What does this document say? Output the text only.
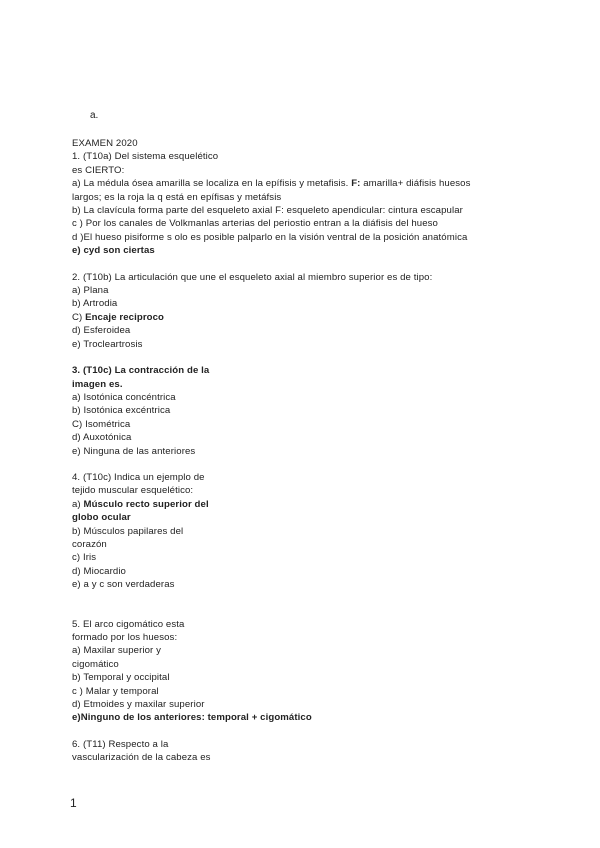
a.

EXAMEN 2020

1. (T10a) Del sistema esquelético

es CIERTO:

a) La médula ósea amarilla se localiza en la epífisis y metafisis. F: amarilla+ diáfisis huesos

largos; es la roja la q está en epífisas y metáfsis

b) La clavícula forma parte del esqueleto axial F: esqueleto apendicular: cintura escapular

c ) Por los canales de Volkmanlas arterias del periostio entran a la diáfisis del hueso

d )El hueso pisiforme s olo es posible palparlo en la visión ventral de la posición anatómica

e) cyd son ciertas

2. (T10b) La articulación que une el esqueleto axial al miembro superior es de tipo:

a) Plana

b) Artrodia

C) Encaje reciproco

d) Esferoidea

e) Trocleartrosis

3. (T10c) La contracción de la

imagen es.

a) Isotónica concéntrica

b) Isotónica excéntrica

C) Isométrica

d) Auxotónica

e) Ninguna de las anteriores

4. (T10c) Indica un ejemplo de

tejido muscular esquelético:

a) Músculo recto superior del

globo ocular

b) Músculos papilares del

corazón

c) Iris

d) Miocardio

e) a y c son verdaderas

5. El arco cigomático esta

formado por los huesos:

a) Maxilar superior y

cigomático

b) Temporal y occipital

c ) Malar y temporal

d) Etmoides y maxilar superior

e)Ninguno de los anteriores: temporal + cigomático

6. (T11) Respecto a la

vascularización de la cabeza es

1
